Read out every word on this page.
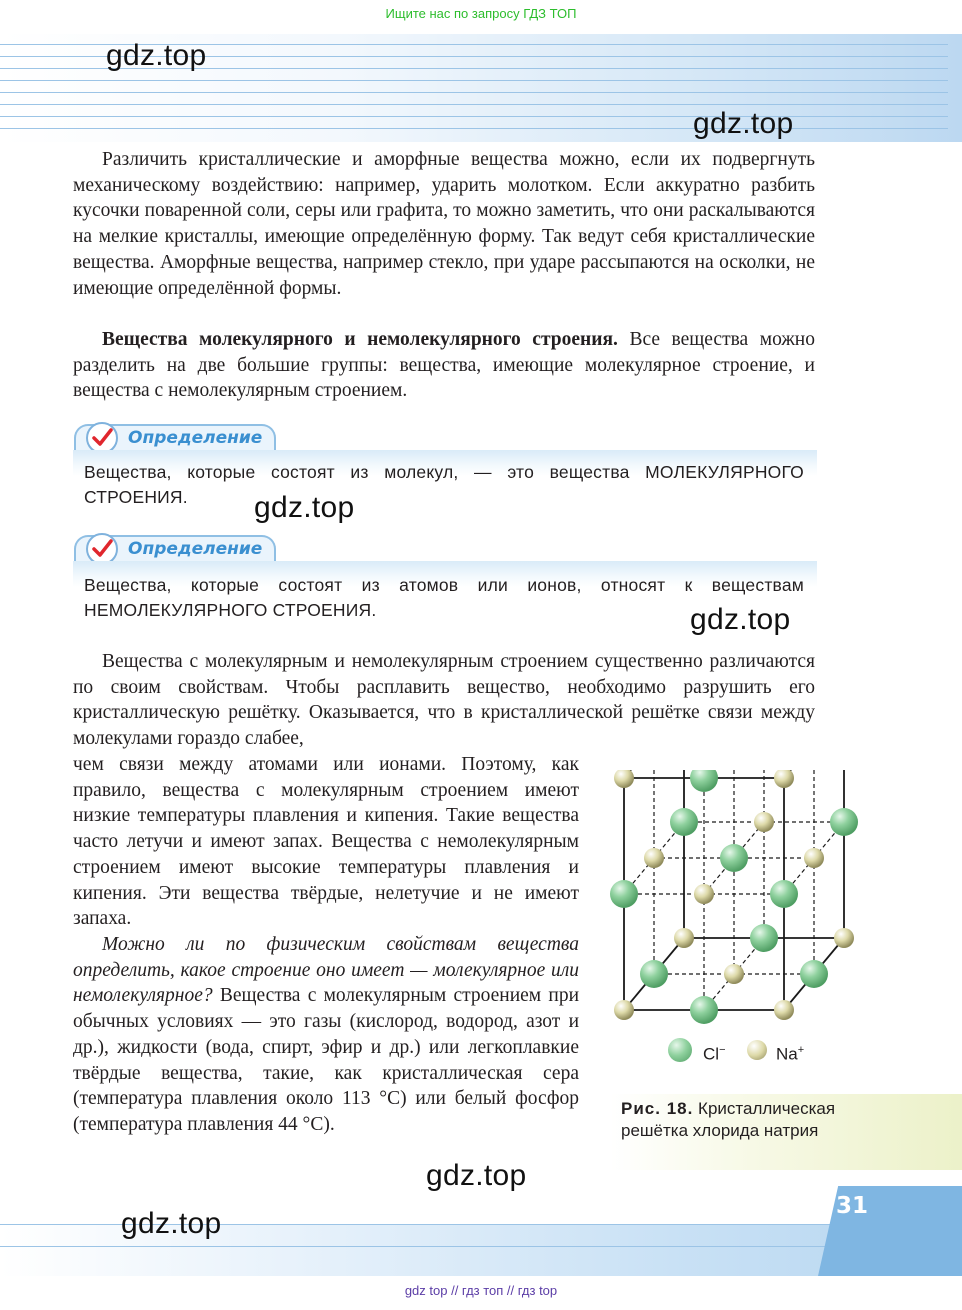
Ищите нас по запросу ГДЗ ТОП
gdz.top
gdz.top

Различить кристаллические и аморфные вещества можно, если их подвергнуть механическому воздействию: например, ударить молотком. Если аккуратно разбить кусочки поваренной соли, серы или графита, то можно заметить, что они раскалываются на мелкие кристаллы, имеющие определённую форму. Так ведут себя кристаллические вещества. Аморфные вещества, например стекло, при ударе рассыпаются на осколки, не имеющие определённой формы.

Вещества молекулярного и немолекулярного строения. Все вещества можно разделить на две большие группы: вещества, имеющие молекулярное строение, и вещества с немолекулярным строением.

Определение

Вещества, которые состоят из молекул, — это вещества МОЛЕКУЛЯРНОГО СТРОЕНИЯ.	gdz.top
Определение

Вещества, которые состоят из атомов или ионов, относят к веществам НЕМОЛЕКУЛЯРНОГО СТРОЕНИЯ.	gdz.top

Вещества с молекулярным и немолекулярным строением существенно различаются по своим свойствам. Чтобы расплавить вещество, необходимо разрушить его кристаллическую решётку. Оказывается, что в кристаллической решётке связи между молекулами гораздо слабее,

чем связи между атомами или ионами. Поэтому, как правило, вещества с молекулярным строением имеют низкие температуры плавления и кипения. Такие вещества часто летучи и имеют запах. Вещества с немолекулярным строением имеют высокие температуры плавления и кипения. Эти вещества твёрдые, нелетучие и не имеют запаха.

Можно ли по физическим свойствам вещества определить, какое строение оно имеет — молекулярное или немолекулярное? Вещества с молекулярным строением при обычных условиях — это газы (кислород, водород, азот и др.), жидкости (вода, спирт, эфир и др.) или легкоплавкие твёрдые вещества, такие, как кристаллическая сера (температура плавления около 113 °C) или белый фосфор (температура плавления 44 °C).

Cl−	Na+

Рис. 18. Кристаллическая решётка хлорида натрия

gdz.top
31
gdz.top
gdz top // гдз топ // гдз top
